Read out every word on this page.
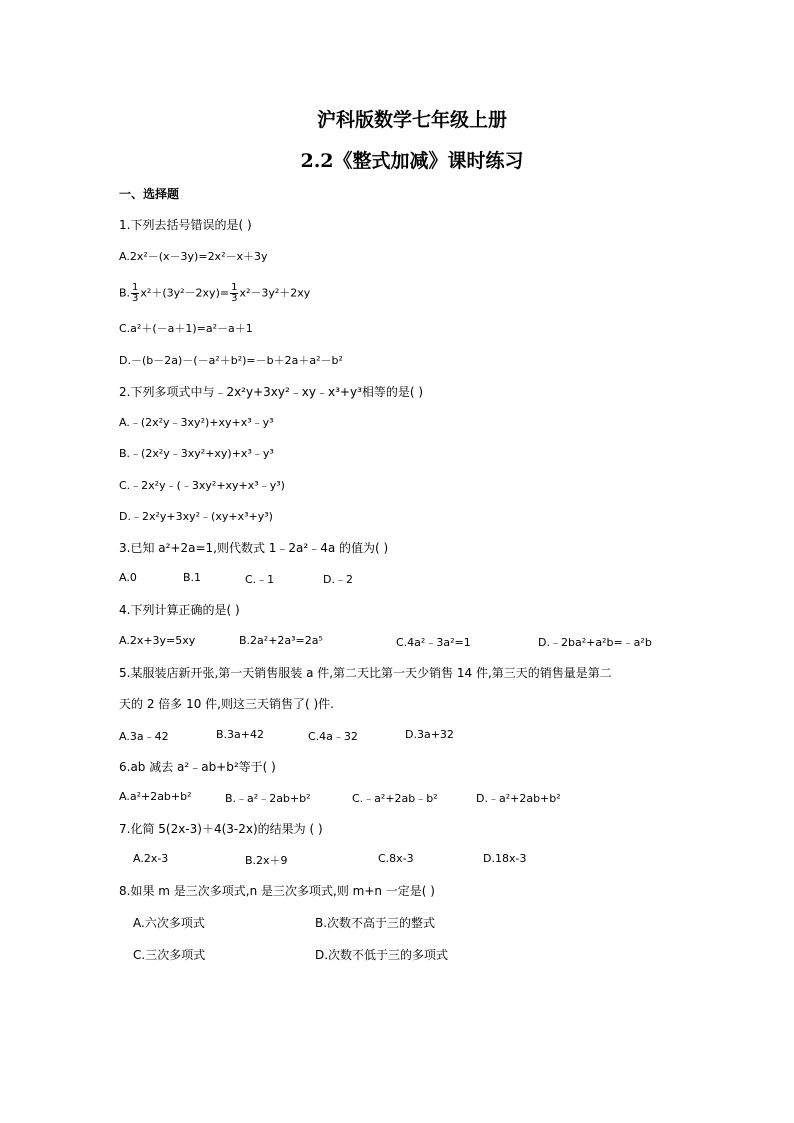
沪科版数学七年级上册
2.2《整式加减》课时练习
一、选择题
1.下列去括号错误的是( )
A.2x²－(x－3y)=2x²－x＋3y
B. $\frac{1}{3} x^2+(3y^2-2xy)= \frac{1}{3} x^2-3y^2+2xy$
C.a²＋(－a＋1)=a²－a＋1
D.－(b－2a)－(－a²＋b²)=－b＋2a＋a²－b²
2.下列多项式中与﹣2x²y+3xy²﹣xy﹣x³+y³相等的是( )
A.﹣(2x²y﹣3xy²)+xy+x³﹣y³
B.﹣(2x²y﹣3xy²+xy)+x³﹣y³
C.﹣2x²y﹣(﹣3xy²+xy+x³﹣y³)
D.﹣2x²y+3xy²﹣(xy+x³+y³)
3.已知 a²+2a=1,则代数式 1﹣2a²﹣4a 的值为( )
A.0	B.1	C.﹣1	D.﹣2
4.下列计算正确的是( )
A.2x+3y=5xy	B.2a²+2a³=2a⁵	C.4a²﹣3a²=1	D.﹣2ba²+a²b=﹣a²b
5.某服装店新开张,第一天销售服装 a 件,第二天比第一天少销售 14 件,第三天的销售量是第二
天的 2 倍多 10 件,则这三天销售了( )件.
A.3a﹣42	B.3a+42	C.4a﹣32	D.3a+32
6.ab 减去 a²﹣ab+b²等于( )
A.a²+2ab+b²	B.﹣a²﹣2ab+b²	C.﹣a²+2ab﹣b²	D.﹣a²+2ab+b²
7.化简 5(2x-3)＋4(3-2x)的结果为 ( )
A.2x-3	B.2x＋9	C.8x-3	D.18x-3
8.如果 m 是三次多项式,n 是三次多项式,则 m+n 一定是( )
A.六次多项式	B.次数不高于三的整式
C.三次多项式	D.次数不低于三的多项式
